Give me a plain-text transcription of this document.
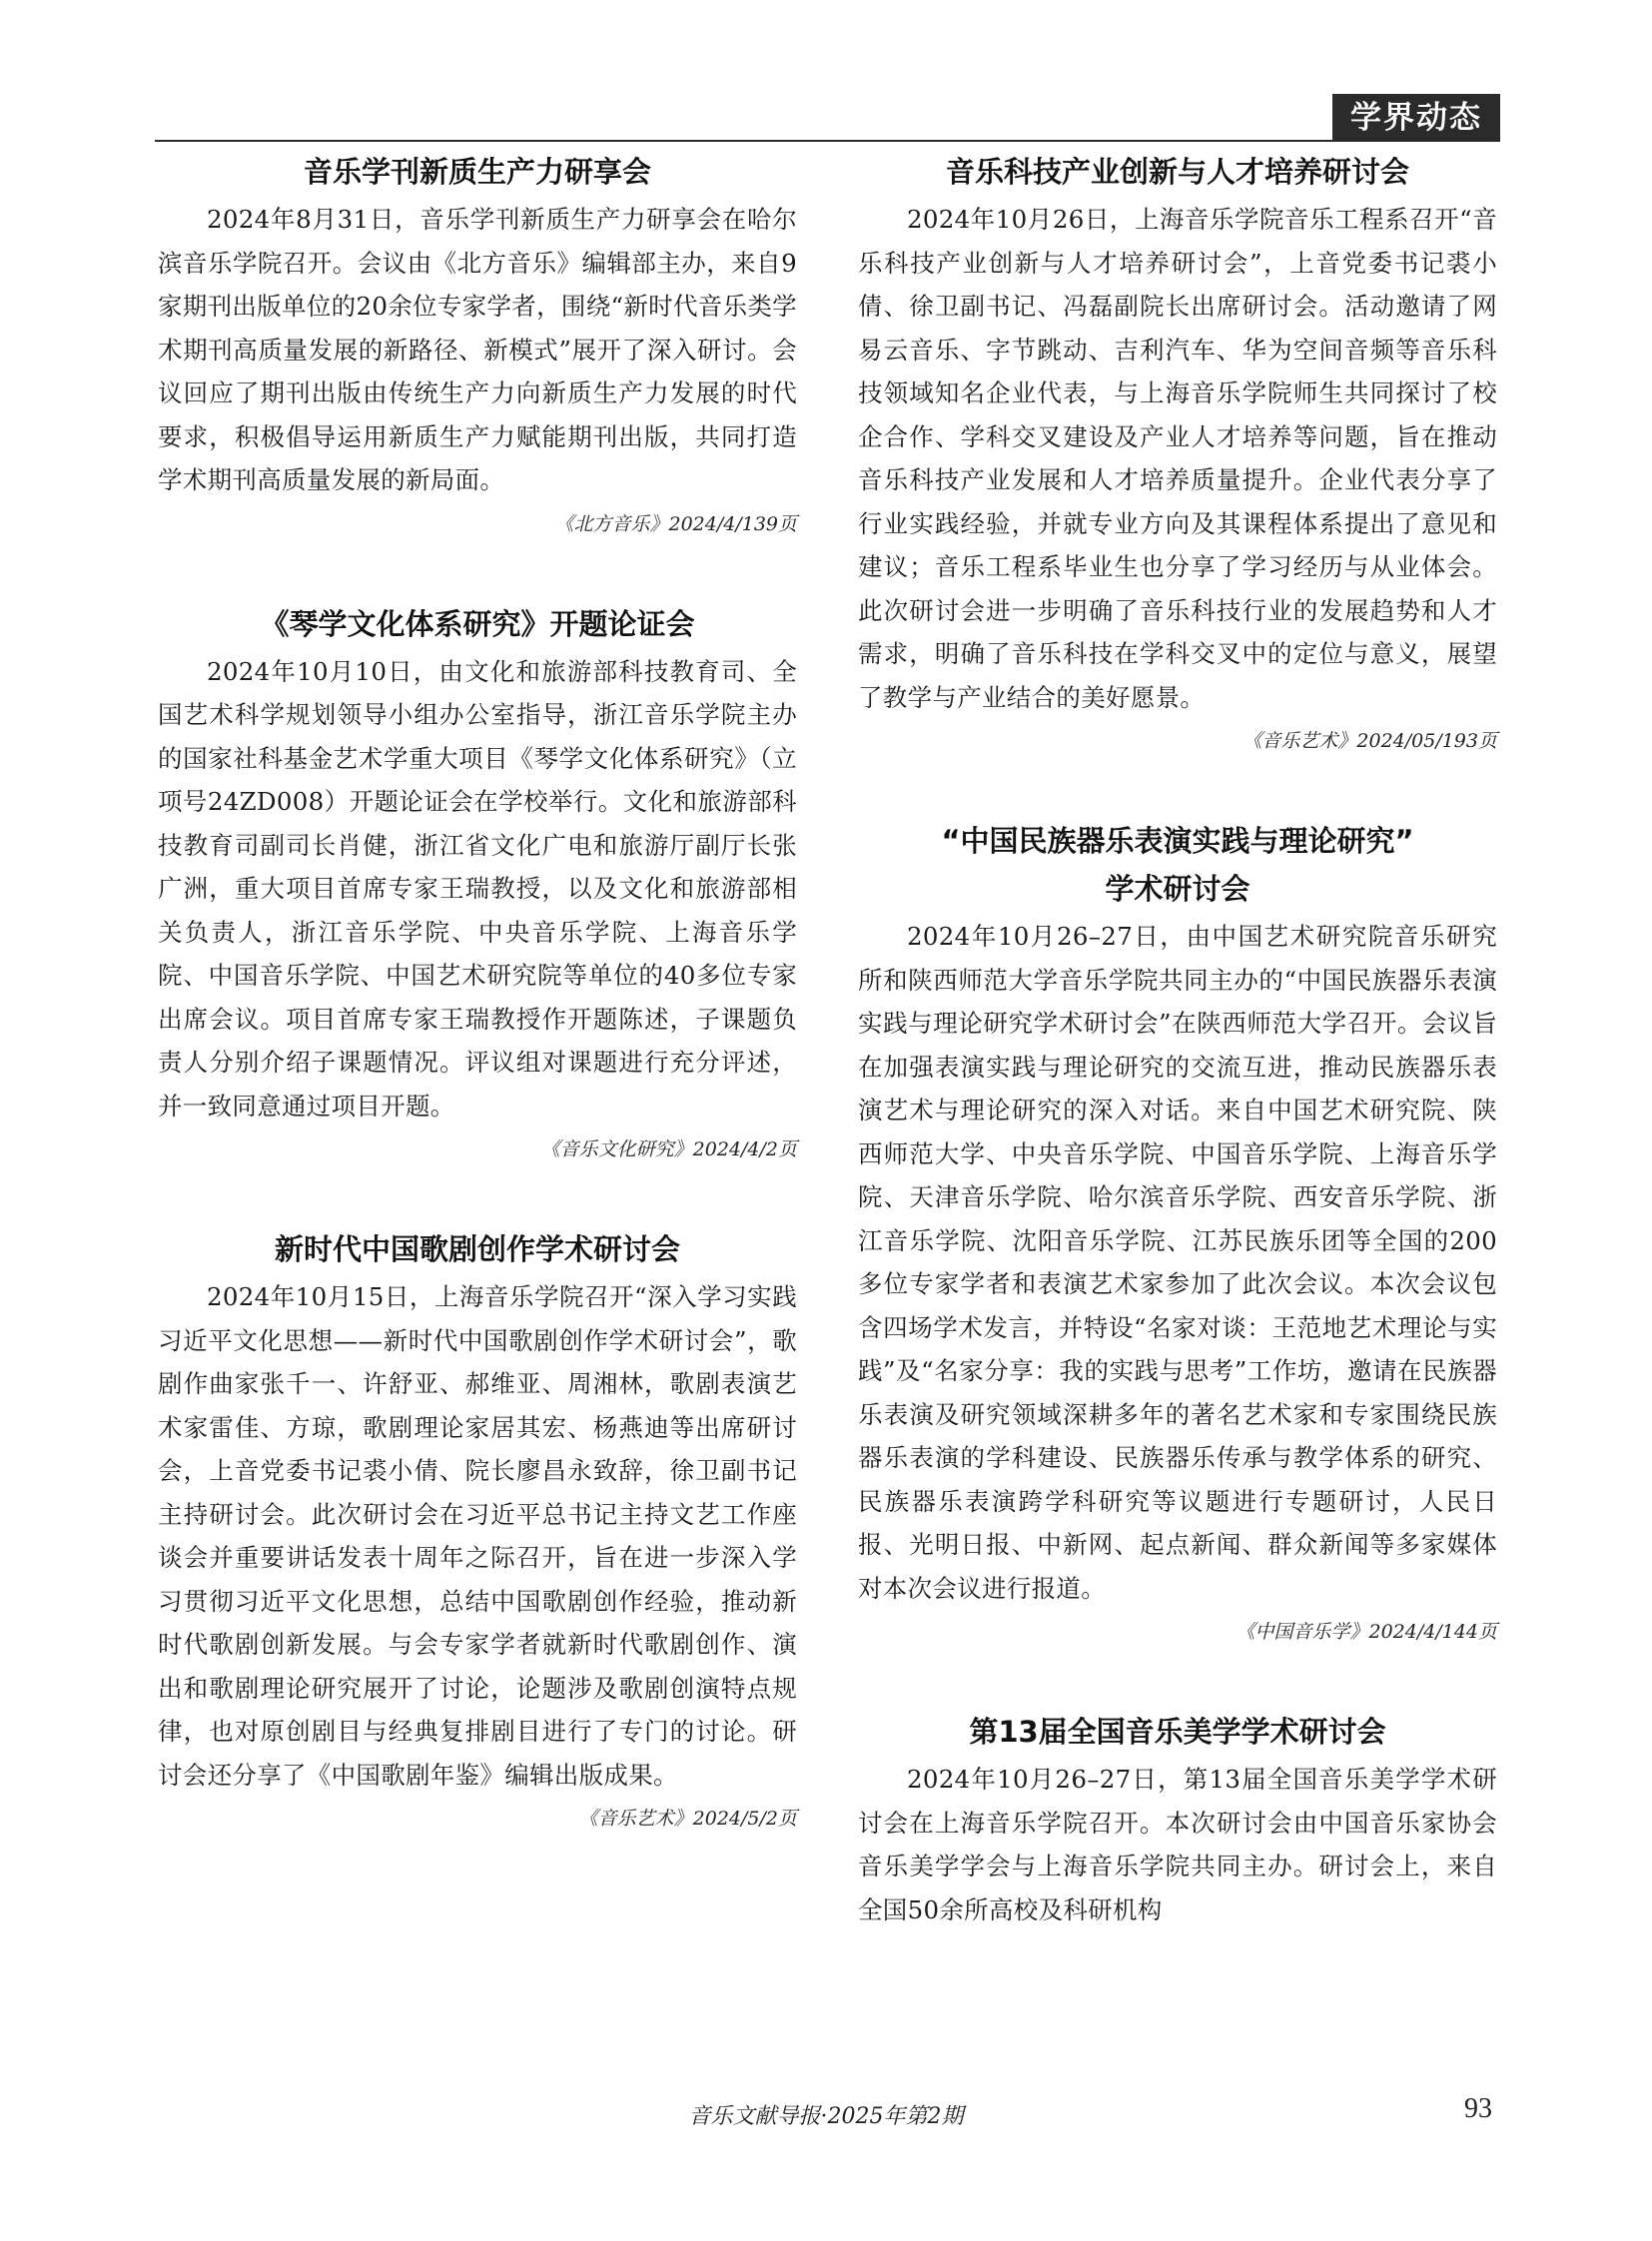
学界动态
音乐学刊新质生产力研享会

2024年8月31日，音乐学刊新质生产力研享会在哈尔滨音乐学院召开。会议由《北方音乐》编辑部主办，来自9家期刊出版单位的20余位专家学者，围绕“新时代音乐类学术期刊高质量发展的新路径、新模式”展开了深入研讨。会议回应了期刊出版由传统生产力向新质生产力发展的时代要求，积极倡导运用新质生产力赋能期刊出版，共同打造学术期刊高质量发展的新局面。

《北方音乐》2024/4/139页

《琴学文化体系研究》开题论证会

2024年10月10日，由文化和旅游部科技教育司、全国艺术科学规划领导小组办公室指导，浙江音乐学院主办的国家社科基金艺术学重大项目《琴学文化体系研究》（立项号24ZD008）开题论证会在学校举行。文化和旅游部科技教育司副司长肖健，浙江省文化广电和旅游厅副厅长张广洲，重大项目首席专家王瑞教授，以及文化和旅游部相关负责人，浙江音乐学院、中央音乐学院、上海音乐学院、中国音乐学院、中国艺术研究院等单位的40多位专家出席会议。项目首席专家王瑞教授作开题陈述，子课题负责人分别介绍子课题情况。评议组对课题进行充分评述，并一致同意通过项目开题。

《音乐文化研究》2024/4/2页

新时代中国歌剧创作学术研讨会

2024年10月15日，上海音乐学院召开“深入学习实践习近平文化思想——新时代中国歌剧创作学术研讨会”，歌剧作曲家张千一、许舒亚、郝维亚、周湘林，歌剧表演艺术家雷佳、方琼，歌剧理论家居其宏、杨燕迪等出席研讨会，上音党委书记裘小倩、院长廖昌永致辞，徐卫副书记主持研讨会。此次研讨会在习近平总书记主持文艺工作座谈会并重要讲话发表十周年之际召开，旨在进一步深入学习贯彻习近平文化思想，总结中国歌剧创作经验，推动新时代歌剧创新发展。与会专家学者就新时代歌剧创作、演出和歌剧理论研究展开了讨论，论题涉及歌剧创演特点规律，也对原创剧目与经典复排剧目进行了专门的讨论。研讨会还分享了《中国歌剧年鉴》编辑出版成果。

《音乐艺术》2024/5/2页

音乐科技产业创新与人才培养研讨会

2024年10月26日，上海音乐学院音乐工程系召开“音乐科技产业创新与人才培养研讨会”，上音党委书记裘小倩、徐卫副书记、冯磊副院长出席研讨会。活动邀请了网易云音乐、字节跳动、吉利汽车、华为空间音频等音乐科技领域知名企业代表，与上海音乐学院师生共同探讨了校企合作、学科交叉建设及产业人才培养等问题，旨在推动音乐科技产业发展和人才培养质量提升。企业代表分享了行业实践经验，并就专业方向及其课程体系提出了意见和建议；音乐工程系毕业生也分享了学习经历与从业体会。此次研讨会进一步明确了音乐科技行业的发展趋势和人才需求，明确了音乐科技在学科交叉中的定位与意义，展望了教学与产业结合的美好愿景。

《音乐艺术》2024/05/193页

“中国民族器乐表演实践与理论研究”
学术研讨会

2024年10月26–27日，由中国艺术研究院音乐研究所和陕西师范大学音乐学院共同主办的“中国民族器乐表演实践与理论研究学术研讨会”在陕西师范大学召开。会议旨在加强表演实践与理论研究的交流互进，推动民族器乐表演艺术与理论研究的深入对话。来自中国艺术研究院、陕西师范大学、中央音乐学院、中国音乐学院、上海音乐学院、天津音乐学院、哈尔滨音乐学院、西安音乐学院、浙江音乐学院、沈阳音乐学院、江苏民族乐团等全国的200多位专家学者和表演艺术家参加了此次会议。本次会议包含四场学术发言，并特设“名家对谈：王范地艺术理论与实践”及“名家分享：我的实践与思考”工作坊，邀请在民族器乐表演及研究领域深耕多年的著名艺术家和专家围绕民族器乐表演的学科建设、民族器乐传承与教学体系的研究、民族器乐表演跨学科研究等议题进行专题研讨，人民日报、光明日报、中新网、起点新闻、群众新闻等多家媒体对本次会议进行报道。

《中国音乐学》2024/4/144页

第13届全国音乐美学学术研讨会

2024年10月26–27日，第13届全国音乐美学学术研讨会在上海音乐学院召开。本次研讨会由中国音乐家协会音乐美学学会与上海音乐学院共同主办。研讨会上，来自全国50余所高校及科研机构

音乐文献导报·2025年第2期	93
